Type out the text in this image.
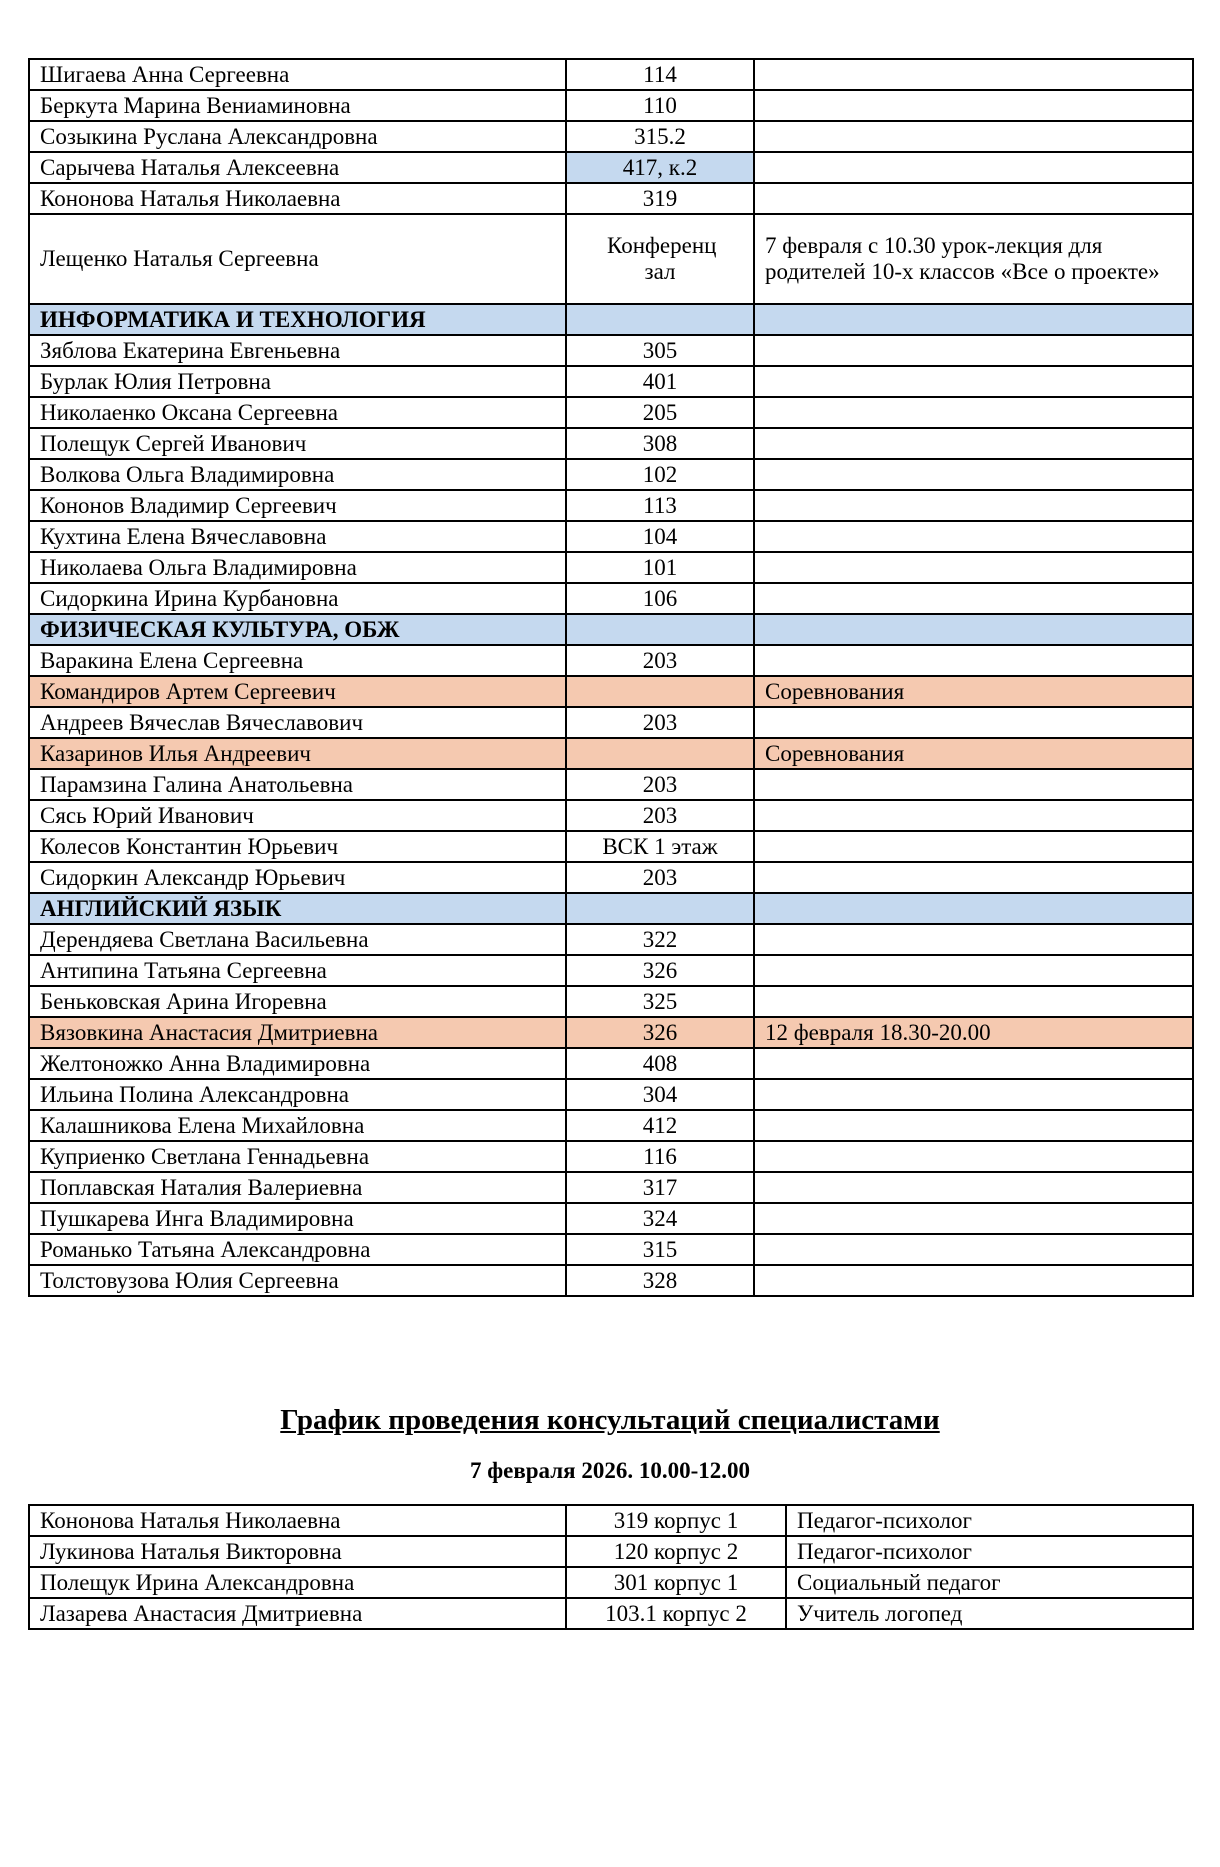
Шигаева Анна Сергеевна	114	
Беркута Марина Вениаминовна	110	
Созыкина Руслана Александровна	315.2	
Сарычева Наталья Алексеевна	417, к.2	
Кононова Наталья Николаевна	319	
Лещенко Наталья Сергеевна	Конференц зал	7 февраля с 10.30 урок-лекция для родителей 10-х классов «Все о проекте»
ИНФОРМАТИКА И ТЕХНОЛОГИЯ		
Зяблова Екатерина Евгеньевна	305	
Бурлак Юлия Петровна	401	
Николаенко Оксана Сергеевна	205	
Полещук Сергей Иванович	308	
Волкова Ольга Владимировна	102	
Кононов Владимир Сергеевич	113	
Кухтина Елена Вячеславовна	104	
Николаева Ольга Владимировна	101	
Сидоркина Ирина Курбановна	106	
ФИЗИЧЕСКАЯ КУЛЬТУРА, ОБЖ		
Варакина Елена Сергеевна	203	
Командиров Артем Сергеевич		Соревнования
Андреев Вячеслав Вячеславович	203	
Казаринов Илья Андреевич		Соревнования
Парамзина Галина Анатольевна	203	
Сясь Юрий Иванович	203	
Колесов Константин Юрьевич	ВСК 1 этаж	
Сидоркин Александр Юрьевич	203	
АНГЛИЙСКИЙ ЯЗЫК		
Дерендяева Светлана Васильевна	322	
Антипина Татьяна Сергеевна	326	
Беньковская Арина Игоревна	325	
Вязовкина Анастасия Дмитриевна	326	12 февраля 18.30-20.00
Желтоножко Анна Владимировна	408	
Ильина Полина Александровна	304	
Калашникова Елена Михайловна	412	
Куприенко Светлана Геннадьевна	116	
Поплавская Наталия Валериевна	317	
Пушкарева Инга Владимировна	324	
Романько Татьяна Александровна	315	
Толстовузова Юлия Сергеевна	328	
График проведения консультаций специалистами
7 февраля 2026. 10.00-12.00
Кононова Наталья Николаевна	319 корпус 1	Педагог-психолог
Лукинова Наталья Викторовна	120 корпус 2	Педагог-психолог
Полещук Ирина Александровна	301 корпус 1	Социальный педагог
Лазарева Анастасия Дмитриевна	103.1 корпус 2	Учитель логопед
